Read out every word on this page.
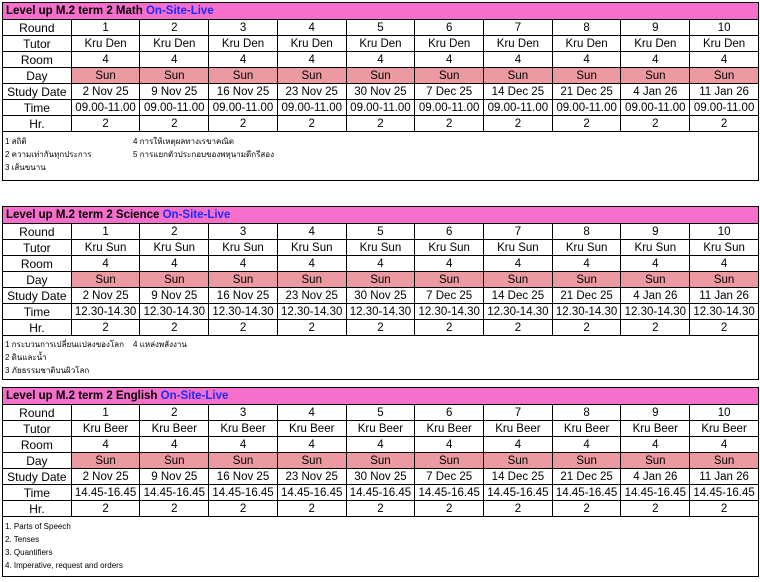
Level up M.2 term 2 Math On-Site-Live										
Round	1	2	3	4	5	6	7	8	9	10
Tutor	Kru Den	Kru Den	Kru Den	Kru Den	Kru Den	Kru Den	Kru Den	Kru Den	Kru Den	Kru Den
Room	4	4	4	4	4	4	4	4	4	4
Day	Sun	Sun	Sun	Sun	Sun	Sun	Sun	Sun	Sun	Sun
Study Date	2 Nov 25	9 Nov 25	16 Nov 25	23 Nov 25	30 Nov 25	7 Dec 25	14 Dec 25	21 Dec 25	4 Jan 26	11 Jan 26
Time	09.00-11.00	09.00-11.00	09.00-11.00	09.00-11.00	09.00-11.00	09.00-11.00	09.00-11.00	09.00-11.00	09.00-11.00	09.00-11.00
Hr.	2	2	2	2	2	2	2	2	2	2
1 สถิติ
2 ความเท่ากันทุกประการ
3 เส้นขนาน
4 การให้เหตุผลทางเรขาคณิต
5 การแยกตัวประกอบของพหุนามดีกรีสอง
Level up M.2 term 2 Science On-Site-Live										
Round	1	2	3	4	5	6	7	8	9	10
Tutor	Kru Sun	Kru Sun	Kru Sun	Kru Sun	Kru Sun	Kru Sun	Kru Sun	Kru Sun	Kru Sun	Kru Sun
Room	4	4	4	4	4	4	4	4	4	4
Day	Sun	Sun	Sun	Sun	Sun	Sun	Sun	Sun	Sun	Sun
Study Date	2 Nov 25	9 Nov 25	16 Nov 25	23 Nov 25	30 Nov 25	7 Dec 25	14 Dec 25	21 Dec 25	4 Jan 26	11 Jan 26
Time	12.30-14.30	12.30-14.30	12.30-14.30	12.30-14.30	12.30-14.30	12.30-14.30	12.30-14.30	12.30-14.30	12.30-14.30	12.30-14.30
Hr.	2	2	2	2	2	2	2	2	2	2
1 กระบวนการเปลี่ยนแปลงของโลก
2 ดินและน้ำ
3 ภัยธรรมชาติบนผิวโลก
4 แหล่งพลังงาน
Level up M.2 term 2 English On-Site-Live										
Round	1	2	3	4	5	6	7	8	9	10
Tutor	Kru Beer	Kru Beer	Kru Beer	Kru Beer	Kru Beer	Kru Beer	Kru Beer	Kru Beer	Kru Beer	Kru Beer
Room	4	4	4	4	4	4	4	4	4	4
Day	Sun	Sun	Sun	Sun	Sun	Sun	Sun	Sun	Sun	Sun
Study Date	2 Nov 25	9 Nov 25	16 Nov 25	23 Nov 25	30 Nov 25	7 Dec 25	14 Dec 25	21 Dec 25	4 Jan 26	11 Jan 26
Time	14.45-16.45	14.45-16.45	14.45-16.45	14.45-16.45	14.45-16.45	14.45-16.45	14.45-16.45	14.45-16.45	14.45-16.45	14.45-16.45
Hr.	2	2	2	2	2	2	2	2	2	2
1. Parts of Speech
2. Tenses
3. Quantifiers
4. Imperative, request and orders
